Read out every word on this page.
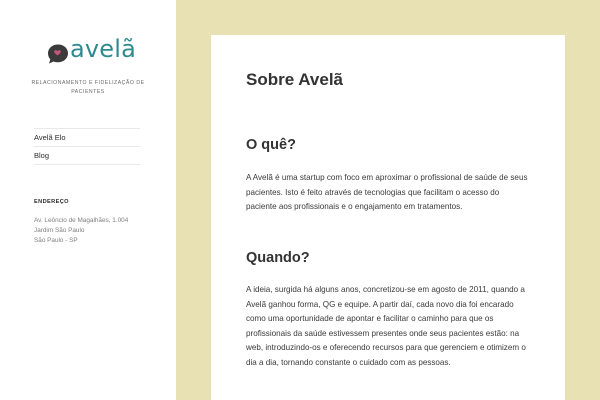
avelã
RELACIONAMENTO E FIDELIZAÇÃO DE PACIENTES
Avelã Elo
Blog
ENDEREÇO
Av. Leôncio de Magalhães, 1.004
Jardim São Paulo
São Paulo - SP
Sobre Avelã
O quê?

A Avelã é uma startup com foco em aproximar o profissional de saúde de seus pacientes. Isto é feito através de tecnologias que facilitam o acesso do paciente aos profissionais e o engajamento em tratamentos.

Quando?

A ideia, surgida há alguns anos, concretizou-se em agosto de 2011, quando a Avelã ganhou forma, QG e equipe. A partir daí, cada novo dia foi encarado como uma oportunidade de apontar e facilitar o caminho para que os profissionais da saúde estivessem presentes onde seus pacientes estão: na web, introduzindo-os e oferecendo recursos para que gerenciem e otimizem o dia a dia, tornando constante o cuidado com as pessoas.
